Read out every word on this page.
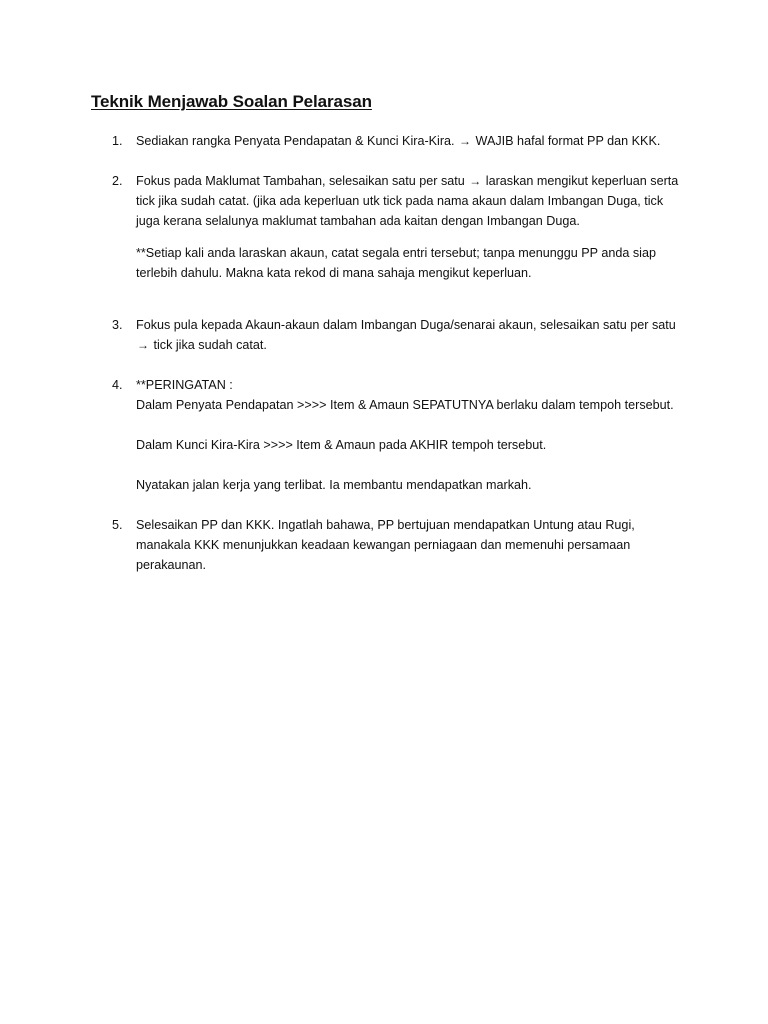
Teknik Menjawab Soalan Pelarasan
1.	Sediakan rangka Penyata Pendapatan & Kunci Kira-Kira. → WAJIB hafal format PP dan KKK.
2.	Fokus pada Maklumat Tambahan, selesaikan satu per satu → laraskan mengikut keperluan serta
tick jika sudah catat. (jika ada keperluan utk tick pada nama akaun dalam Imbangan Duga, tick
juga kerana selalunya maklumat tambahan ada kaitan dengan Imbangan Duga.
**Setiap kali anda laraskan akaun, catat segala entri tersebut; tanpa menunggu PP anda siap
terlebih dahulu. Makna kata rekod di mana sahaja mengikut keperluan.
3.	Fokus pula kepada Akaun-akaun dalam Imbangan Duga/senarai akaun, selesaikan satu per satu
→ tick jika sudah catat.
4.	**PERINGATAN :
Dalam Penyata Pendapatan >>>> Item & Amaun SEPATUTNYA berlaku dalam tempoh tersebut.
Dalam Kunci Kira-Kira >>>> Item & Amaun pada AKHIR tempoh tersebut.
Nyatakan jalan kerja yang terlibat. Ia membantu mendapatkan markah.
5.	Selesaikan PP dan KKK. Ingatlah bahawa, PP bertujuan mendapatkan Untung atau Rugi,
manakala KKK menunjukkan keadaan kewangan perniagaan dan memenuhi persamaan
perakaunan.
